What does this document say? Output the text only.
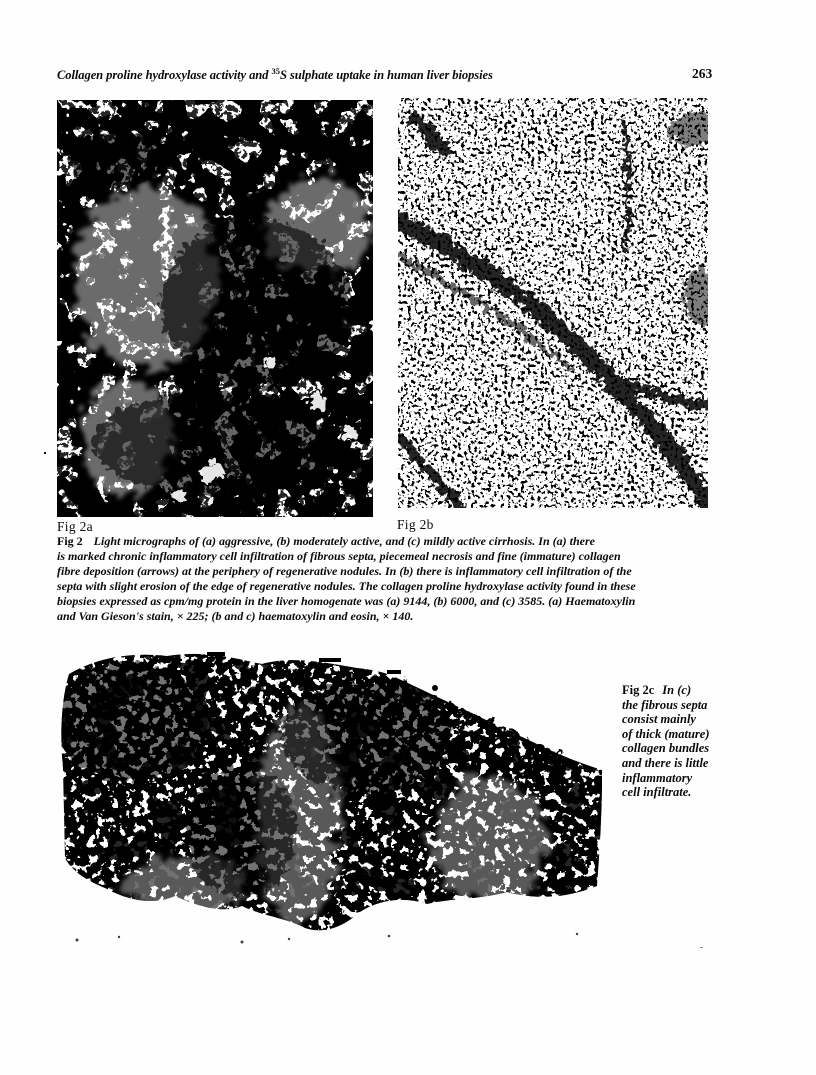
Collagen proline hydroxylase activity and $^{35}$S sulphate uptake in human liver biopsies	263
Fig 2a	Fig 2b
Fig 2 Light micrographs of (a) aggressive, (b) moderately active, and (c) mildly active cirrhosis. In (a) there
is marked chronic inflammatory cell infiltration of fibrous septa, piecemeal necrosis and fine (immature) collagen
fibre deposition (arrows) at the periphery of regenerative nodules. In (b) there is inflammatory cell infiltration of the
septa with slight erosion of the edge of regenerative nodules. The collagen proline hydroxylase activity found in these
biopsies expressed as cpm/mg protein in the liver homogenate was (a) 9144, (b) 6000, and (c) 3585. (a) Haematoxylin
and Van Gieson's stain, × 225; (b and c) haematoxylin and eosin, × 140.
Fig 2c In (c)
the fibrous septa
consist mainly
of thick (mature)
collagen bundles
and there is little
inflammatory
cell infiltrate.
